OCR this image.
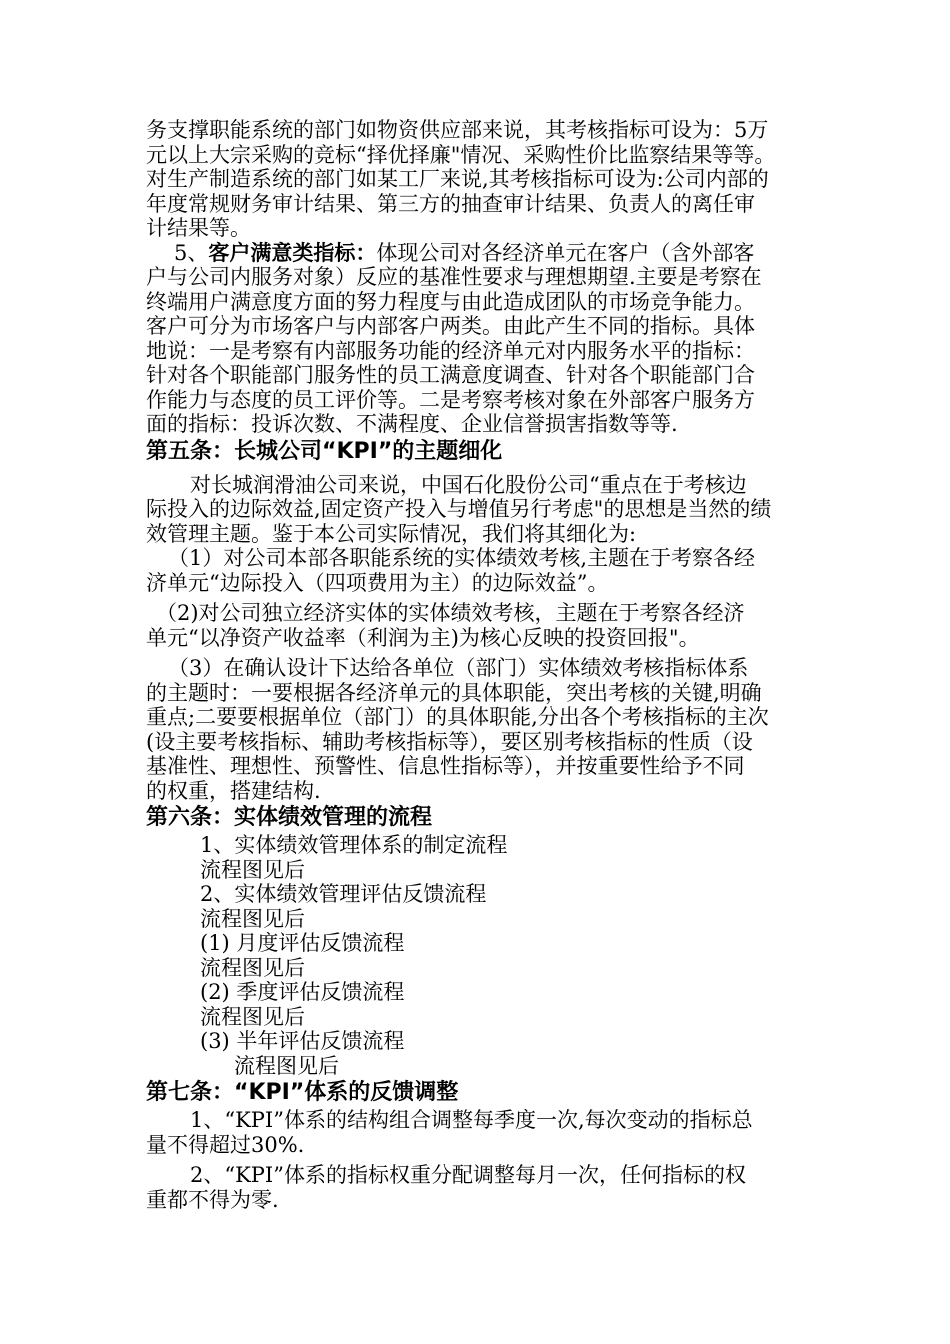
务支撑职能系统的部门如物资供应部来说，其考核指标可设为：5万
元以上大宗采购的竞标“择优择廉"情况、采购性价比监察结果等等。
对生产制造系统的部门如某工厂来说,其考核指标可设为:公司内部的
年度常规财务审计结果、第三方的抽查审计结果、负责人的离任审
计结果等。
5、客户满意类指标：体现公司对各经济单元在客户（含外部客
户与公司内服务对象）反应的基准性要求与理想期望.主要是考察在
终端用户满意度方面的努力程度与由此造成团队的市场竞争能力。
客户可分为市场客户与内部客户两类。由此产生不同的指标。具体
地说：一是考察有内部服务功能的经济单元对内服务水平的指标：
针对各个职能部门服务性的员工满意度调查、针对各个职能部门合
作能力与态度的员工评价等。二是考察考核对象在外部客户服务方
面的指标：投诉次数、不满程度、企业信誉损害指数等等.
第五条：长城公司“KPI”的主题细化
对长城润滑油公司来说，中国石化股份公司“重点在于考核边
际投入的边际效益,固定资产投入与增值另行考虑"的思想是当然的绩
效管理主题。鉴于本公司实际情况，我们将其细化为:
（1）对公司本部各职能系统的实体绩效考核,主题在于考察各经
济单元“边际投入（四项费用为主）的边际效益”。
（2)对公司独立经济实体的实体绩效考核，主题在于考察各经济
单元“以净资产收益率（利润为主)为核心反映的投资回报"。
（3）在确认设计下达给各单位（部门）实体绩效考核指标体系
的主题时：一要根据各经济单元的具体职能，突出考核的关键,明确
重点;二要要根据单位（部门）的具体职能,分出各个考核指标的主次
(设主要考核指标、辅助考核指标等），要区别考核指标的性质（设
基准性、理想性、预警性、信息性指标等），并按重要性给予不同
的权重，搭建结构.
第六条：实体绩效管理的流程
1、实体绩效管理体系的制定流程
流程图见后
2、实体绩效管理评估反馈流程
流程图见后
(1) 月度评估反馈流程
流程图见后
(2) 季度评估反馈流程
流程图见后
(3) 半年评估反馈流程
流程图见后
第七条：“KPI”体系的反馈调整
1、“KPI”体系的结构组合调整每季度一次,每次变动的指标总
量不得超过30%.
2、“KPI”体系的指标权重分配调整每月一次，任何指标的权
重都不得为零.
